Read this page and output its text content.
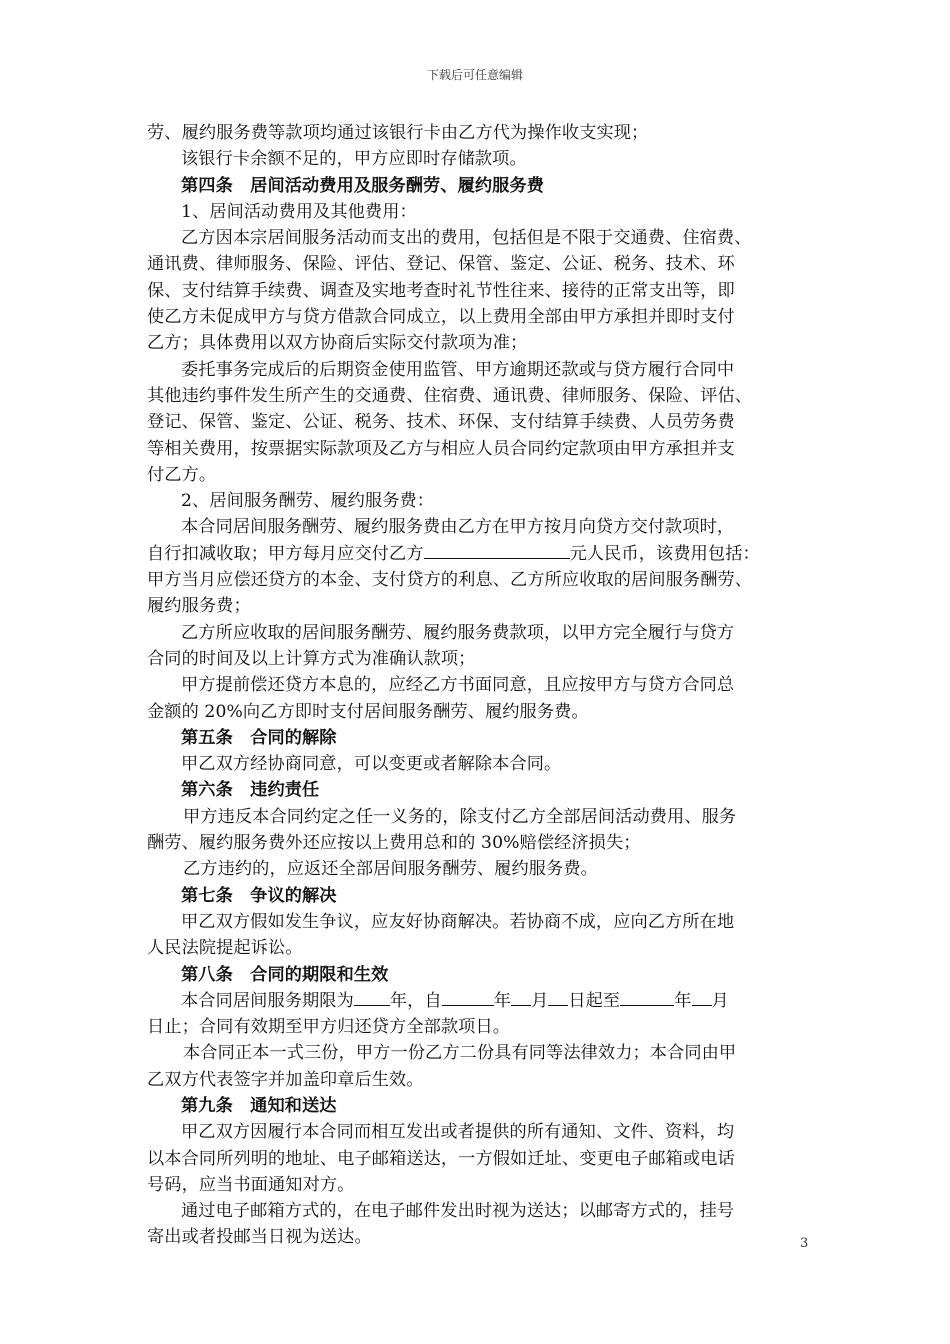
下载后可任意编辑
劳、履约服务费等款项均通过该银行卡由乙方代为操作收支实现；
该银行卡余额不足的，甲方应即时存储款项。
第四条　居间活动费用及服务酬劳、履约服务费
1、居间活动费用及其他费用：
乙方因本宗居间服务活动而支出的费用，包括但是不限于交通费、住宿费、
通讯费、律师服务、保险、评估、登记、保管、鉴定、公证、税务、技术、环
保、支付结算手续费、调查及实地考查时礼节性往来、接待的正常支出等，即
使乙方未促成甲方与贷方借款合同成立，以上费用全部由甲方承担并即时支付
乙方；具体费用以双方协商后实际交付款项为准；
委托事务完成后的后期资金使用监管、甲方逾期还款或与贷方履行合同中
其他违约事件发生所产生的交通费、住宿费、通讯费、律师服务、保险、评估、
登记、保管、鉴定、公证、税务、技术、环保、支付结算手续费、人员劳务费
等相关费用，按票据实际款项及乙方与相应人员合同约定款项由甲方承担并支
付乙方。
2、居间服务酬劳、履约服务费：
本合同居间服务酬劳、履约服务费由乙方在甲方按月向贷方交付款项时，
自行扣减收取；甲方每月应交付乙方	元人民币，该费用包括：
甲方当月应偿还贷方的本金、支付贷方的利息、乙方所应收取的居间服务酬劳、
履约服务费；
乙方所应收取的居间服务酬劳、履约服务费款项，以甲方完全履行与贷方
合同的时间及以上计算方式为准确认款项；
甲方提前偿还贷方本息的，应经乙方书面同意，且应按甲方与贷方合同总
金额的 20%向乙方即时支付居间服务酬劳、履约服务费。
第五条　合同的解除
甲乙双方经协商同意，可以变更或者解除本合同。
第六条　违约责任
甲方违反本合同约定之任一义务的，除支付乙方全部居间活动费用、服务
酬劳、履约服务费外还应按以上费用总和的 30%赔偿经济损失；
乙方违约的，应返还全部居间服务酬劳、履约服务费。
第七条　争议的解决
甲乙双方假如发生争议，应友好协商解决。若协商不成，应向乙方所在地
人民法院提起诉讼。
第八条　合同的期限和生效
本合同居间服务期限为 年，自	年 月 日起至	年 月
日止；合同有效期至甲方归还贷方全部款项日。
本合同正本一式三份，甲方一份乙方二份具有同等法律效力；本合同由甲
乙双方代表签字并加盖印章后生效。
第九条　通知和送达
甲乙双方因履行本合同而相互发出或者提供的所有通知、文件、资料，均
以本合同所列明的地址、电子邮箱送达，一方假如迁址、变更电子邮箱或电话
号码，应当书面通知对方。
通过电子邮箱方式的，在电子邮件发出时视为送达；以邮寄方式的，挂号
寄出或者投邮当日视为送达。	3
